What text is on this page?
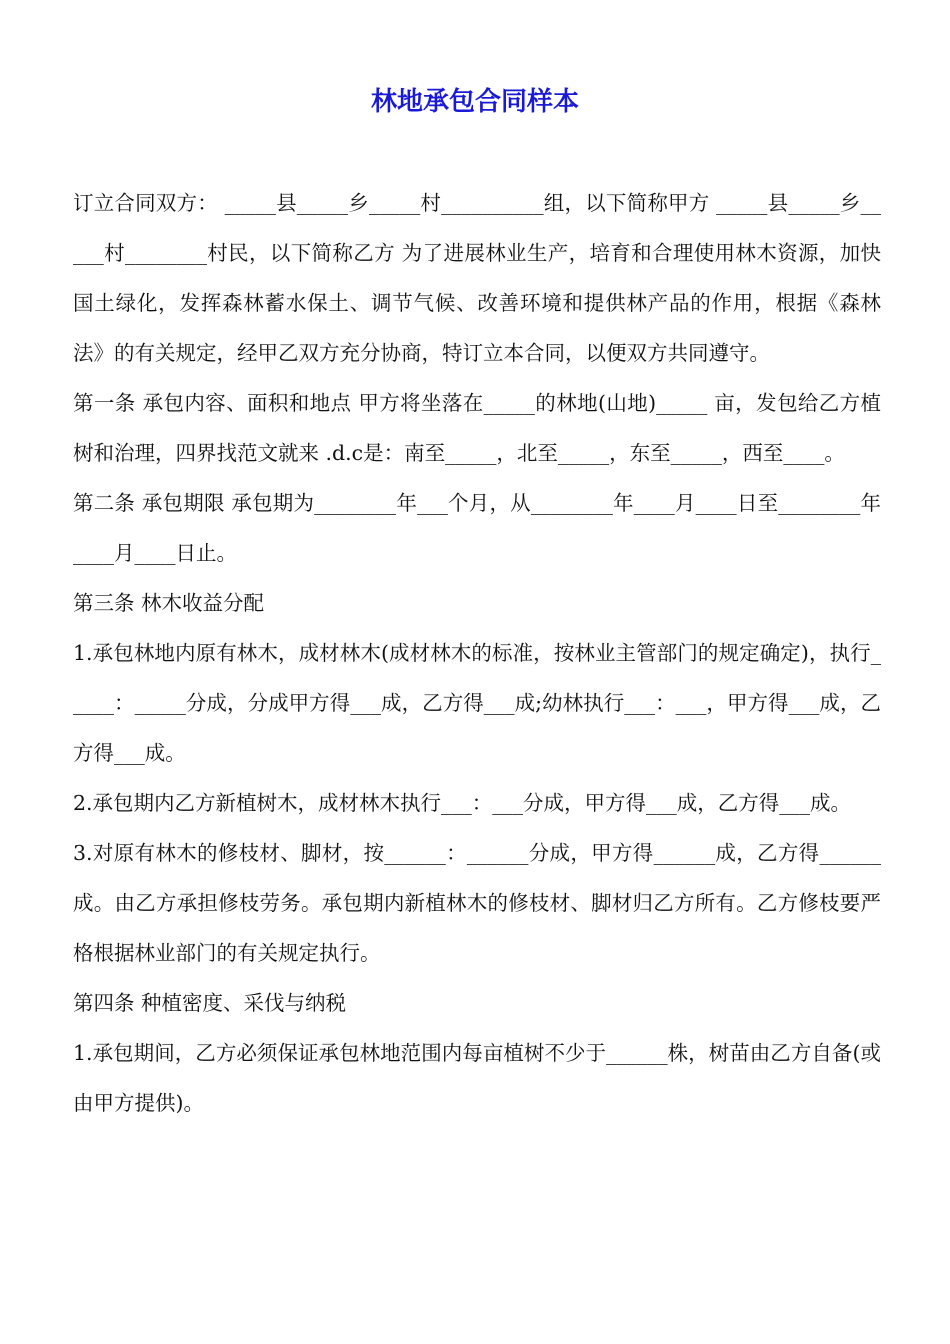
林地承包合同样本

订立合同双方： _____县_____乡_____村__________组，以下简称甲方 _____县_____乡_____村________村民，以下简称乙方 为了进展林业生产，培育和合理使用林木资源，加快国土绿化，发挥森林蓄水保土、调节气候、改善环境和提供林产品的作用，根据《森林法》的有关规定，经甲乙双方充分协商，特订立本合同，以便双方共同遵守。

第一条 承包内容、面积和地点 甲方将坐落在_____的林地(山地)_____ 亩，发包给乙方植树和治理，四界找范文就来 .d.c是：南至_____，北至_____，东至_____，西至____。

第二条 承包期限 承包期为________年___个月，从________年____月____日至________年____月____日止。

第三条 林木收益分配

1.承包林地内原有林木，成材林木(成材林木的标准，按林业主管部门的规定确定)，执行_____：_____分成，分成甲方得___成，乙方得___成;幼林执行___：___，甲方得___成，乙方得___成。

2.承包期内乙方新植树木，成材林木执行___：___分成，甲方得___成，乙方得___成。

3.对原有林木的修枝材、脚材，按______：______分成，甲方得______成，乙方得______成。由乙方承担修枝劳务。承包期内新植林木的修枝材、脚材归乙方所有。乙方修枝要严格根据林业部门的有关规定执行。

第四条 种植密度、采伐与纳税

1.承包期间，乙方必须保证承包林地范围内每亩植树不少于______株，树苗由乙方自备(或由甲方提供)。
